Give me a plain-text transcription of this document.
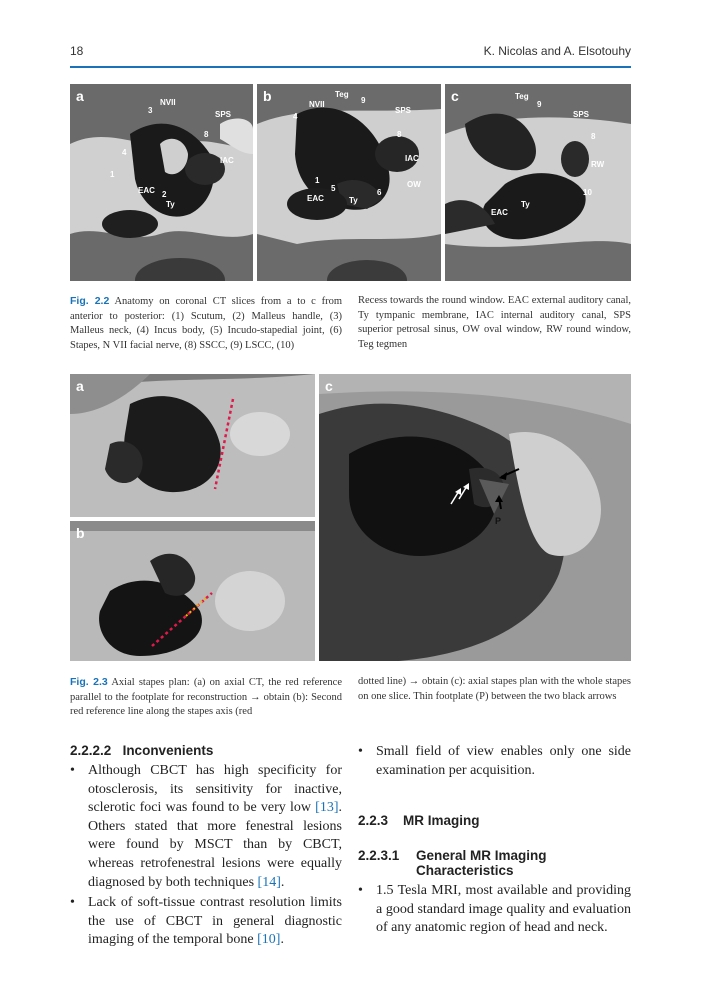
18	K. Nicolas and A. Elsotouhy
a	NVII
3	SPS
8
IAC
4
1
EAC 2
Ty
b	Teg
NVII	9
SPS
4
8
IAC
1
5	OW
6
EAC	Ty
c	Teg
9
SPS
8
RW
10
Ty
EAC
Fig. 2.2 Anatomy on coronal CT slices from a to c from anterior to posterior: (1) Scutum, (2) Malleus handle, (3) Malleus neck, (4) Incus body, (5) Incudo-stapedial joint, (6) Stapes, N VII facial nerve, (8) SSCC, (9) LSCC, (10)
Recess towards the round window. EAC external auditory canal, Ty tympanic membrane, IAC internal auditory canal, SPS superior petrosal sinus, OW oval window, RW round window, Teg tegmen
a
b
c
P
Fig. 2.3 Axial stapes plan: (a) on axial CT, the red reference parallel to the footplate for reconstruction → obtain (b): Second red reference line along the stapes axis (red
dotted line) → obtain (c): axial stapes plan with the whole stapes on one slice. Thin footplate (P) between the two black arrows
2.2.2.2 Inconvenients
• Although CBCT has high specificity for otosclerosis, its sensitivity for inactive, sclerotic foci was found to be very low [13]. Others stated that more fenestral lesions were found by MSCT than by CBCT, whereas retrofenestral lesions were equally diagnosed by both techniques [14].
• Lack of soft-tissue contrast resolution limits the use of CBCT in general diagnostic imaging of the temporal bone [10].
• Small field of view enables only one side examination per acquisition.
2.2.3 MR Imaging
2.2.3.1	General MR Imaging
Characteristics
• 1.5 Tesla MRI, most available and providing a good standard image quality and evaluation of any anatomic region of head and neck.
